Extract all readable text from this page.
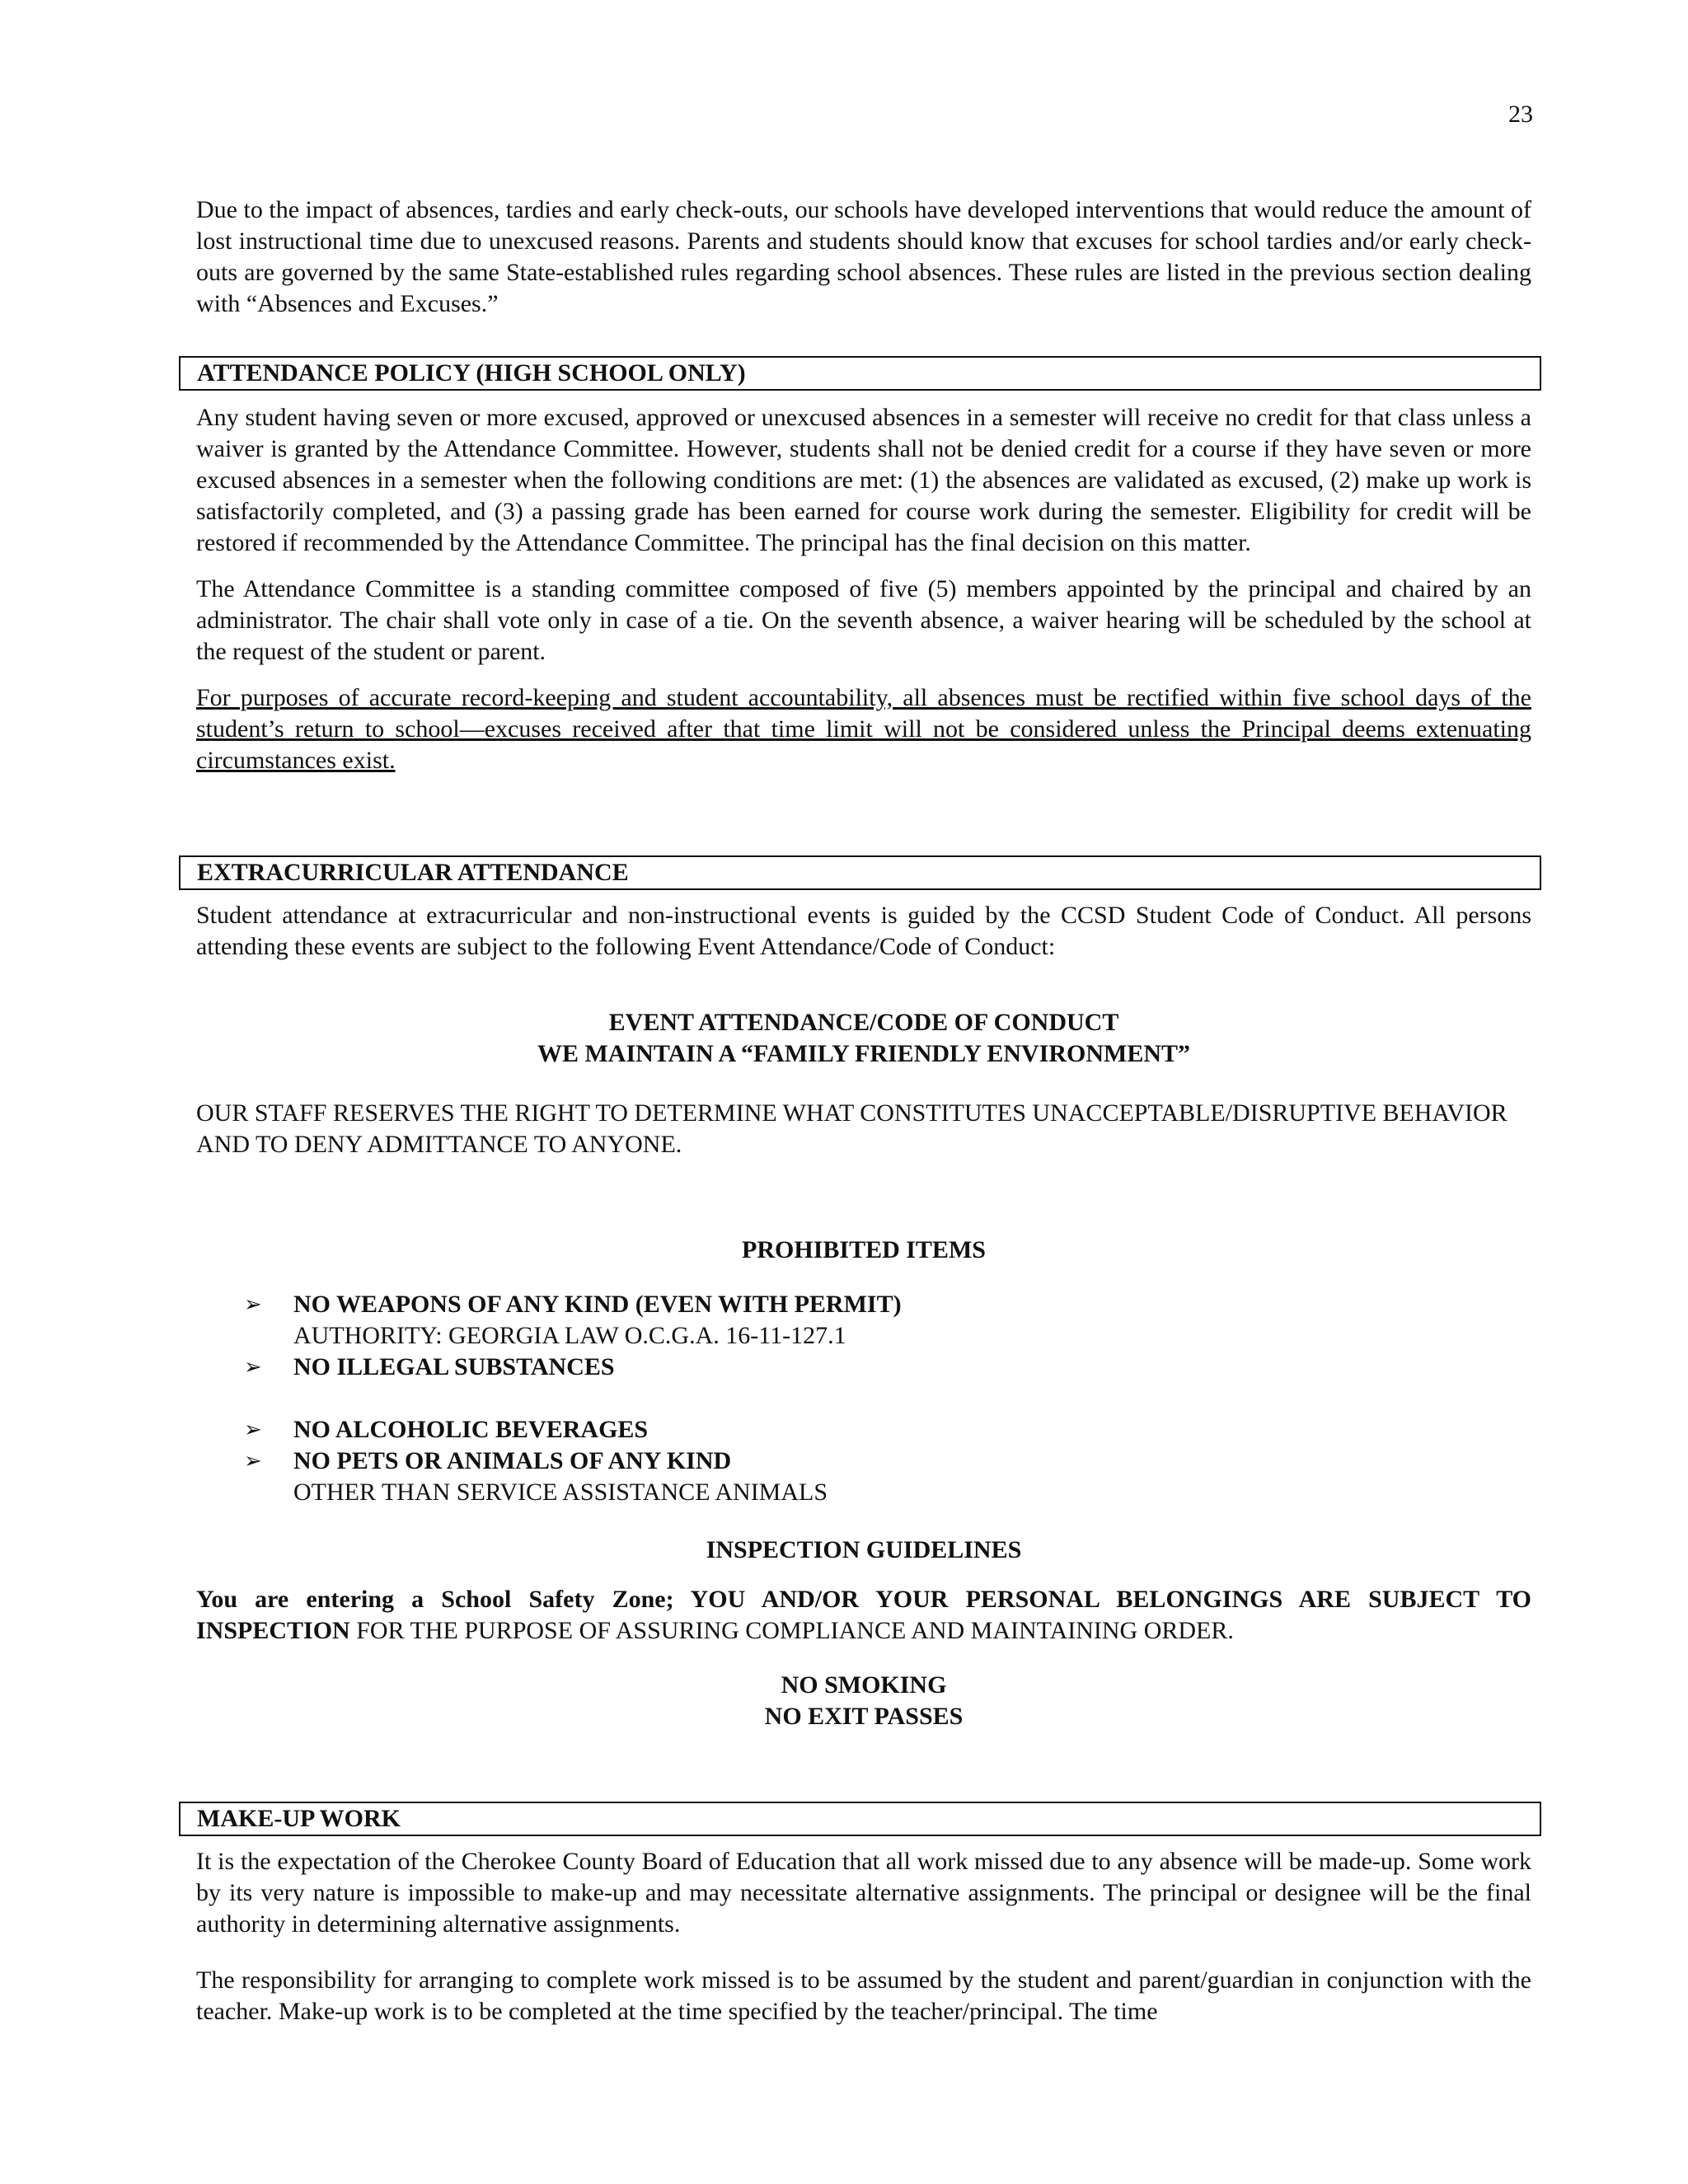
23

Due to the impact of absences, tardies and early check-outs, our schools have developed interventions that would reduce the amount of lost instructional time due to unexcused reasons. Parents and students should know that excuses for school tardies and/or early check-outs are governed by the same State-established rules regarding school absences. These rules are listed in the previous section dealing with “Absences and Excuses.”

ATTENDANCE POLICY (HIGH SCHOOL ONLY)

Any student having seven or more excused, approved or unexcused absences in a semester will receive no credit for that class unless a waiver is granted by the Attendance Committee. However, students shall not be denied credit for a course if they have seven or more excused absences in a semester when the following conditions are met: (1) the absences are validated as excused, (2) make up work is satisfactorily completed, and (3) a passing grade has been earned for course work during the semester. Eligibility for credit will be restored if recommended by the Attendance Committee. The principal has the final decision on this matter.

The Attendance Committee is a standing committee composed of five (5) members appointed by the principal and chaired by an administrator. The chair shall vote only in case of a tie. On the seventh absence, a waiver hearing will be scheduled by the school at the request of the student or parent.

For purposes of accurate record-keeping and student accountability, all absences must be rectified within five school days of the student’s return to school—excuses received after that time limit will not be considered unless the Principal deems extenuating circumstances exist.

EXTRACURRICULAR ATTENDANCE

Student attendance at extracurricular and non-instructional events is guided by the CCSD Student Code of Conduct. All persons attending these events are subject to the following Event Attendance/Code of Conduct:

EVENT ATTENDANCE/CODE OF CONDUCT
WE MAINTAIN A “FAMILY FRIENDLY ENVIRONMENT”

OUR STAFF RESERVES THE RIGHT TO DETERMINE WHAT CONSTITUTES UNACCEPTABLE/DISRUPTIVE BEHAVIOR AND TO DENY ADMITTANCE TO ANYONE.

PROHIBITED ITEMS
➢ NO WEAPONS OF ANY KIND (EVEN WITH PERMIT)
AUTHORITY: GEORGIA LAW O.C.G.A. 16-11-127.1
➢ NO ILLEGAL SUBSTANCES
➢ NO ALCOHOLIC BEVERAGES
➢ NO PETS OR ANIMALS OF ANY KIND
OTHER THAN SERVICE ASSISTANCE ANIMALS
INSPECTION GUIDELINES

You are entering a School Safety Zone; YOU AND/OR YOUR PERSONAL BELONGINGS ARE SUBJECT TO INSPECTION FOR THE PURPOSE OF ASSURING COMPLIANCE AND MAINTAINING ORDER.

NO SMOKING
NO EXIT PASSES
MAKE-UP WORK

It is the expectation of the Cherokee County Board of Education that all work missed due to any absence will be made-up. Some work by its very nature is impossible to make-up and may necessitate alternative assignments. The principal or designee will be the final authority in determining alternative assignments.

The responsibility for arranging to complete work missed is to be assumed by the student and parent/guardian in conjunction with the teacher. Make-up work is to be completed at the time specified by the teacher/principal. The time
